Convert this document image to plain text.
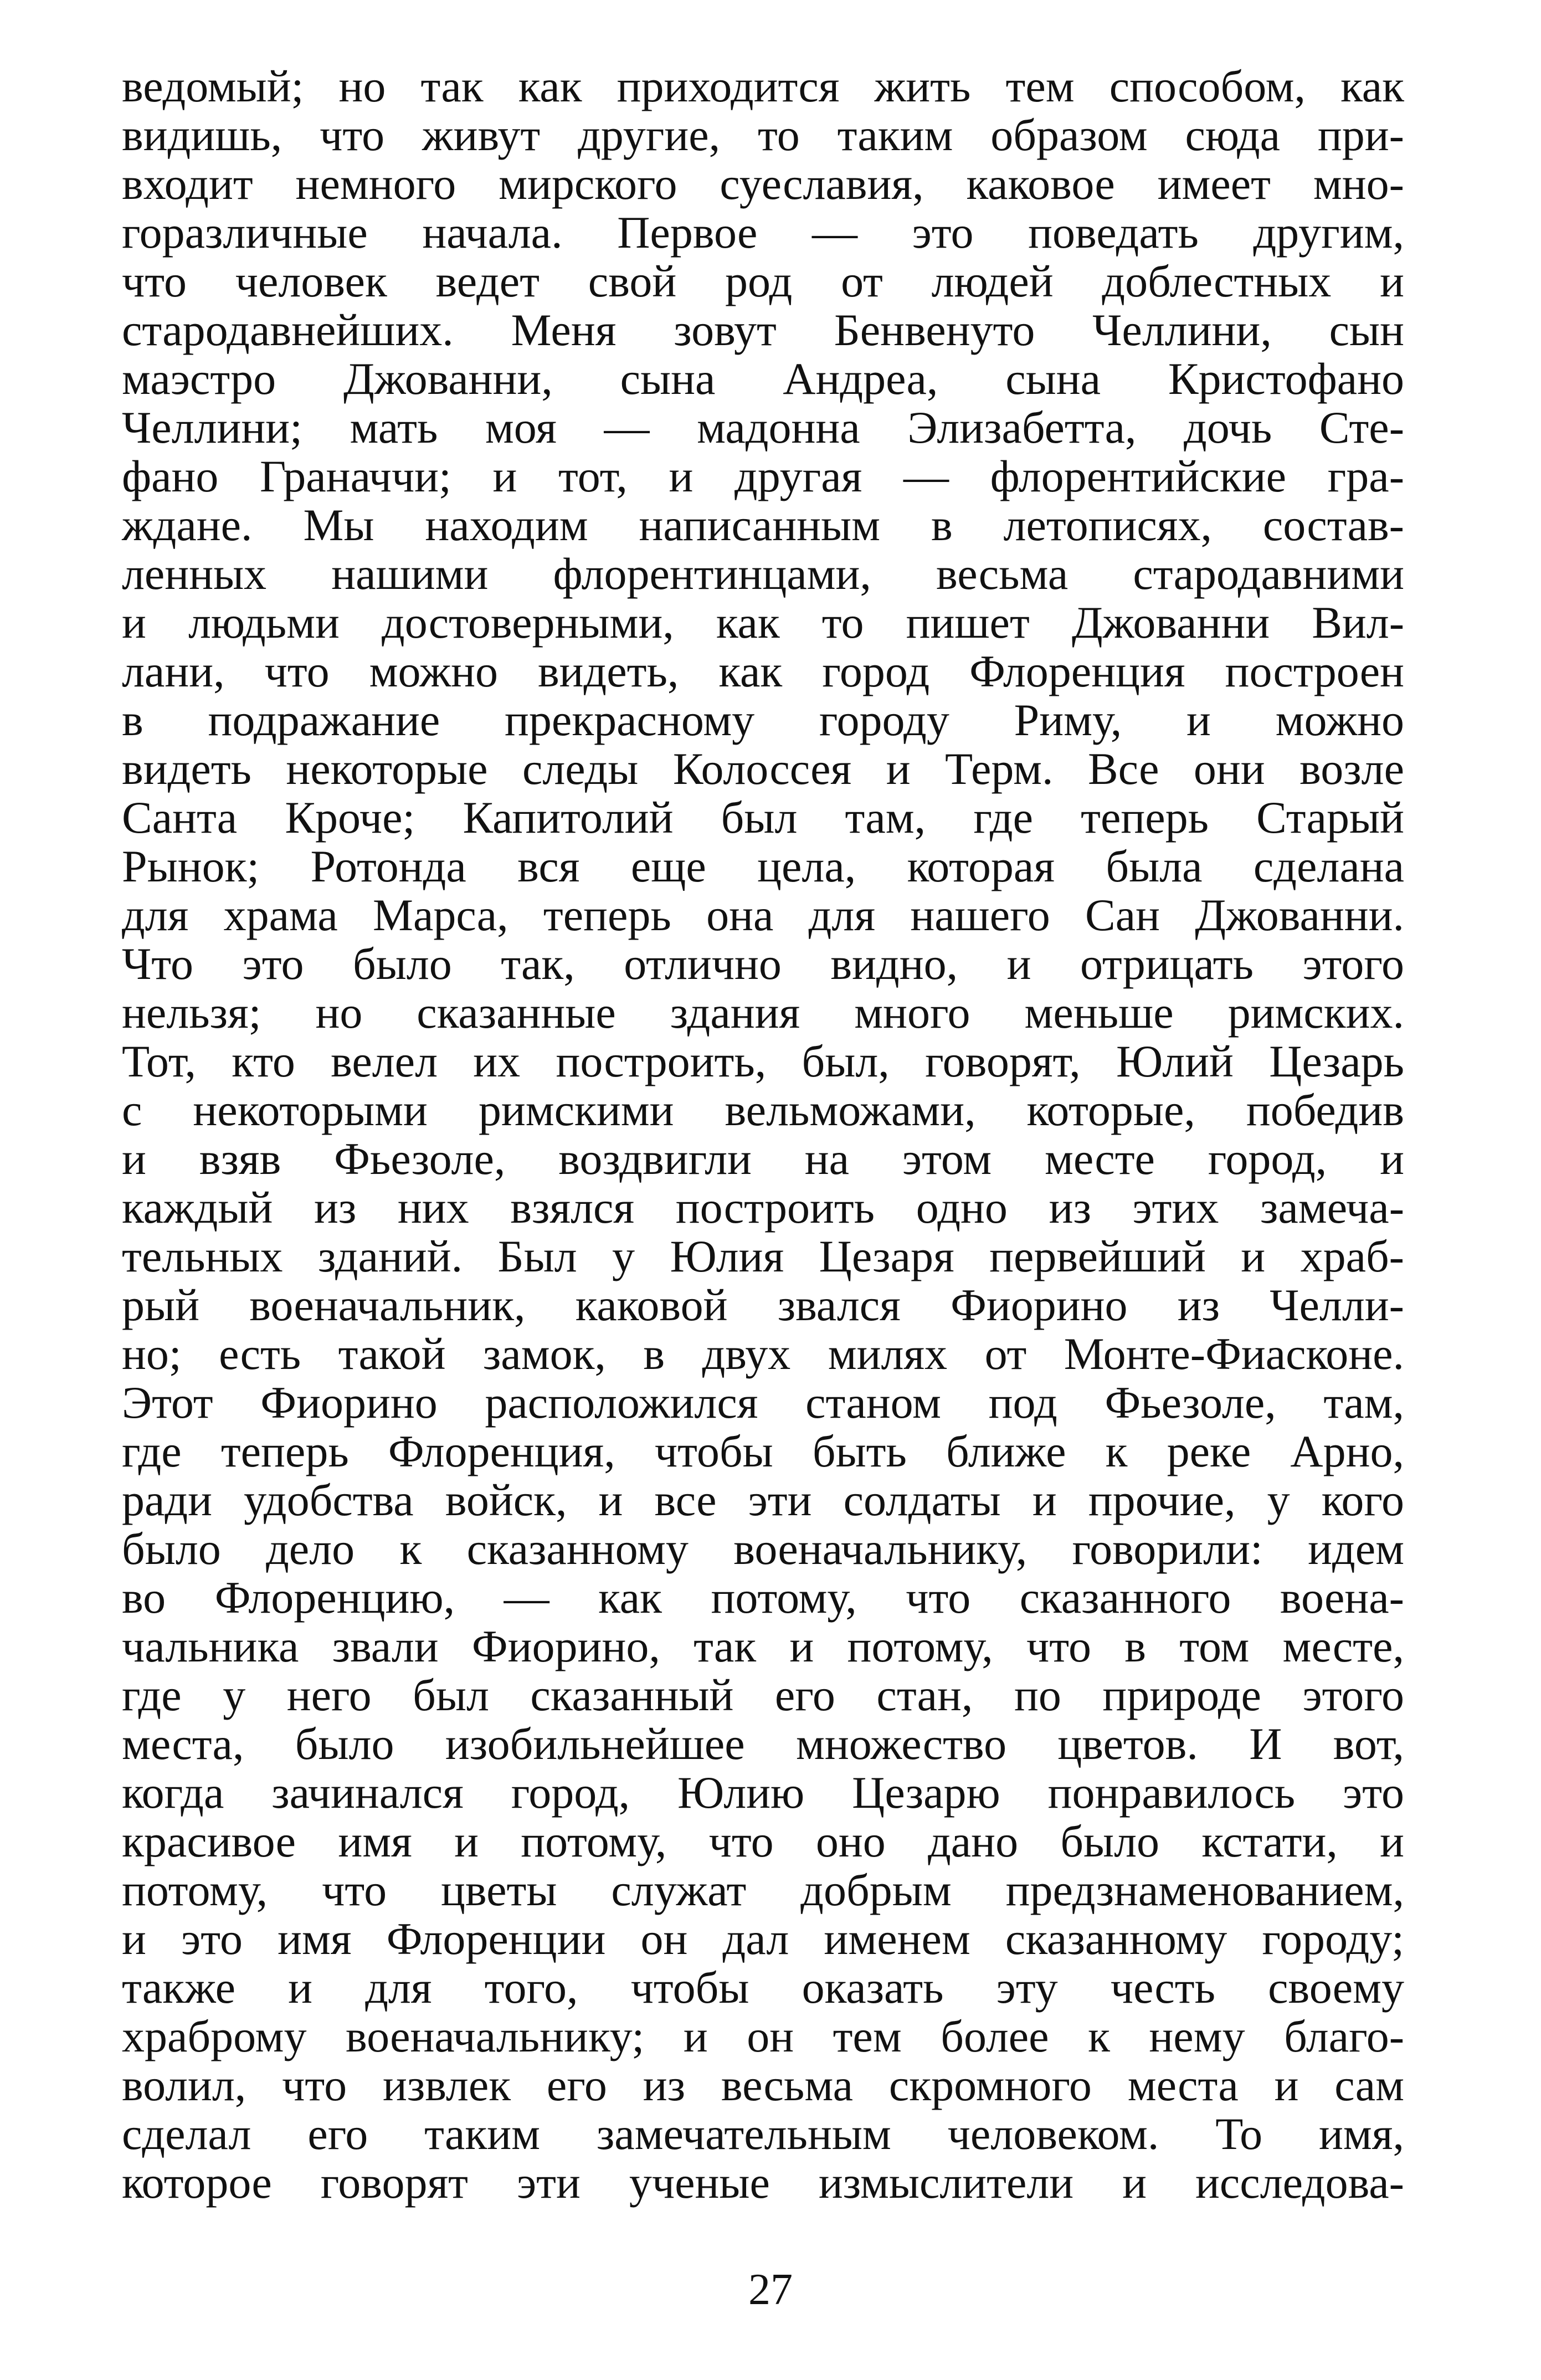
ведомый; но так как приходится жить тем способом, как
видишь, что живут другие, то таким образом сюда при-
входит немного мирского суеславия, каковое имеет мно-
горазличные начала. Первое — это поведать другим,
что человек ведет свой род от людей доблестных и
стародавнейших. Меня зовут Бенвенуто Челлини, сын
маэстро Джованни, сына Андреа, сына Кристофано
Челлини; мать моя — мадонна Элизабетта, дочь Сте-
фано Граначчи; и тот, и другая — флорентийские гра-
ждане. Мы находим написанным в летописях, состав-
ленных нашими флорентинцами, весьма стародавними
и людьми достоверными, как то пишет Джованни Вил-
лани, что можно видеть, как город Флоренция построен
в подражание прекрасному городу Риму, и можно
видеть некоторые следы Колоссея и Терм. Все они возле
Санта Кроче; Капитолий был там, где теперь Старый
Рынок; Ротонда вся еще цела, которая была сделана
для храма Марса, теперь она для нашего Сан Джованни.
Что это было так, отлично видно, и отрицать этого
нельзя; но сказанные здания много меньше римских.
Тот, кто велел их построить, был, говорят, Юлий Цезарь
с некоторыми римскими вельможами, которые, победив
и взяв Фьезоле, воздвигли на этом месте город, и
каждый из них взялся построить одно из этих замеча-
тельных зданий. Был у Юлия Цезаря первейший и храб-
рый военачальник, каковой звался Фиорино из Челли-
но; есть такой замок, в двух милях от Монте-Фиасконе.
Этот Фиорино расположился станом под Фьезоле, там,
где теперь Флоренция, чтобы быть ближе к реке Арно,
ради удобства войск, и все эти солдаты и прочие, у кого
было дело к сказанному военачальнику, говорили: идем
во Флоренцию, — как потому, что сказанного воена-
чальника звали Фиорино, так и потому, что в том месте,
где у него был сказанный его стан, по природе этого
места, было изобильнейшее множество цветов. И вот,
когда зачинался город, Юлию Цезарю понравилось это
красивое имя и потому, что оно дано было кстати, и
потому, что цветы служат добрым предзнаменованием,
и это имя Флоренции он дал именем сказанному городу;
также и для того, чтобы оказать эту честь своему
храброму военачальнику; и он тем более к нему благо-
волил, что извлек его из весьма скромного места и сам
сделал его таким замечательным человеком. То имя,
которое говорят эти ученые измыслители и исследова-
27
